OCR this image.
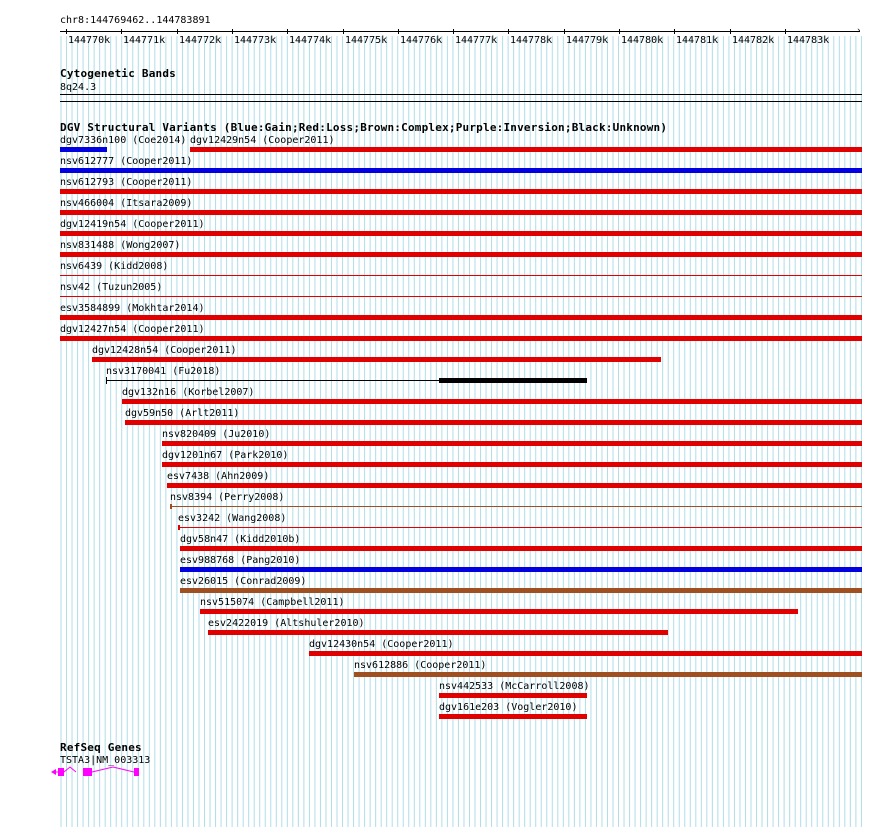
chr8:144769462..144783891
›
144770k 144771k 144772k 144773k 144774k 144775k 144776k 144777k 144778k 144779k 144780k 144781k 144782k 144783k
Cytogenetic Bands
8q24.3
DGV Structural Variants (Blue:Gain;Red:Loss;Brown:Complex;Purple:Inversion;Black:Unknown)
dgv7336n100 (Coe2014) dgv12429n54 (Cooper2011)
nsv612777 (Cooper2011)
nsv612793 (Cooper2011)
nsv466004 (Itsara2009)
dgv12419n54 (Cooper2011)
nsv831488 (Wong2007)
nsv6439 (Kidd2008)
nsv42 (Tuzun2005)
esv3584899 (Mokhtar2014)
dgv12427n54 (Cooper2011)
dgv12428n54 (Cooper2011)
nsv3170041 (Fu2018)
dgv132n16 (Korbel2007)
dgv59n50 (Arlt2011)
nsv820409 (Ju2010)
dgv1201n67 (Park2010)
esv7438 (Ahn2009)
nsv8394 (Perry2008)
esv3242 (Wang2008)
dgv58n47 (Kidd2010b)
esv988768 (Pang2010)
esv26015 (Conrad2009)
nsv515074 (Campbell2011)
esv2422019 (Altshuler2010)
dgv12430n54 (Cooper2011)
nsv612886 (Cooper2011)
nsv442533 (McCarroll2008)
dgv161e203 (Vogler2010)
RefSeq Genes
TSTA3|NM_003313
